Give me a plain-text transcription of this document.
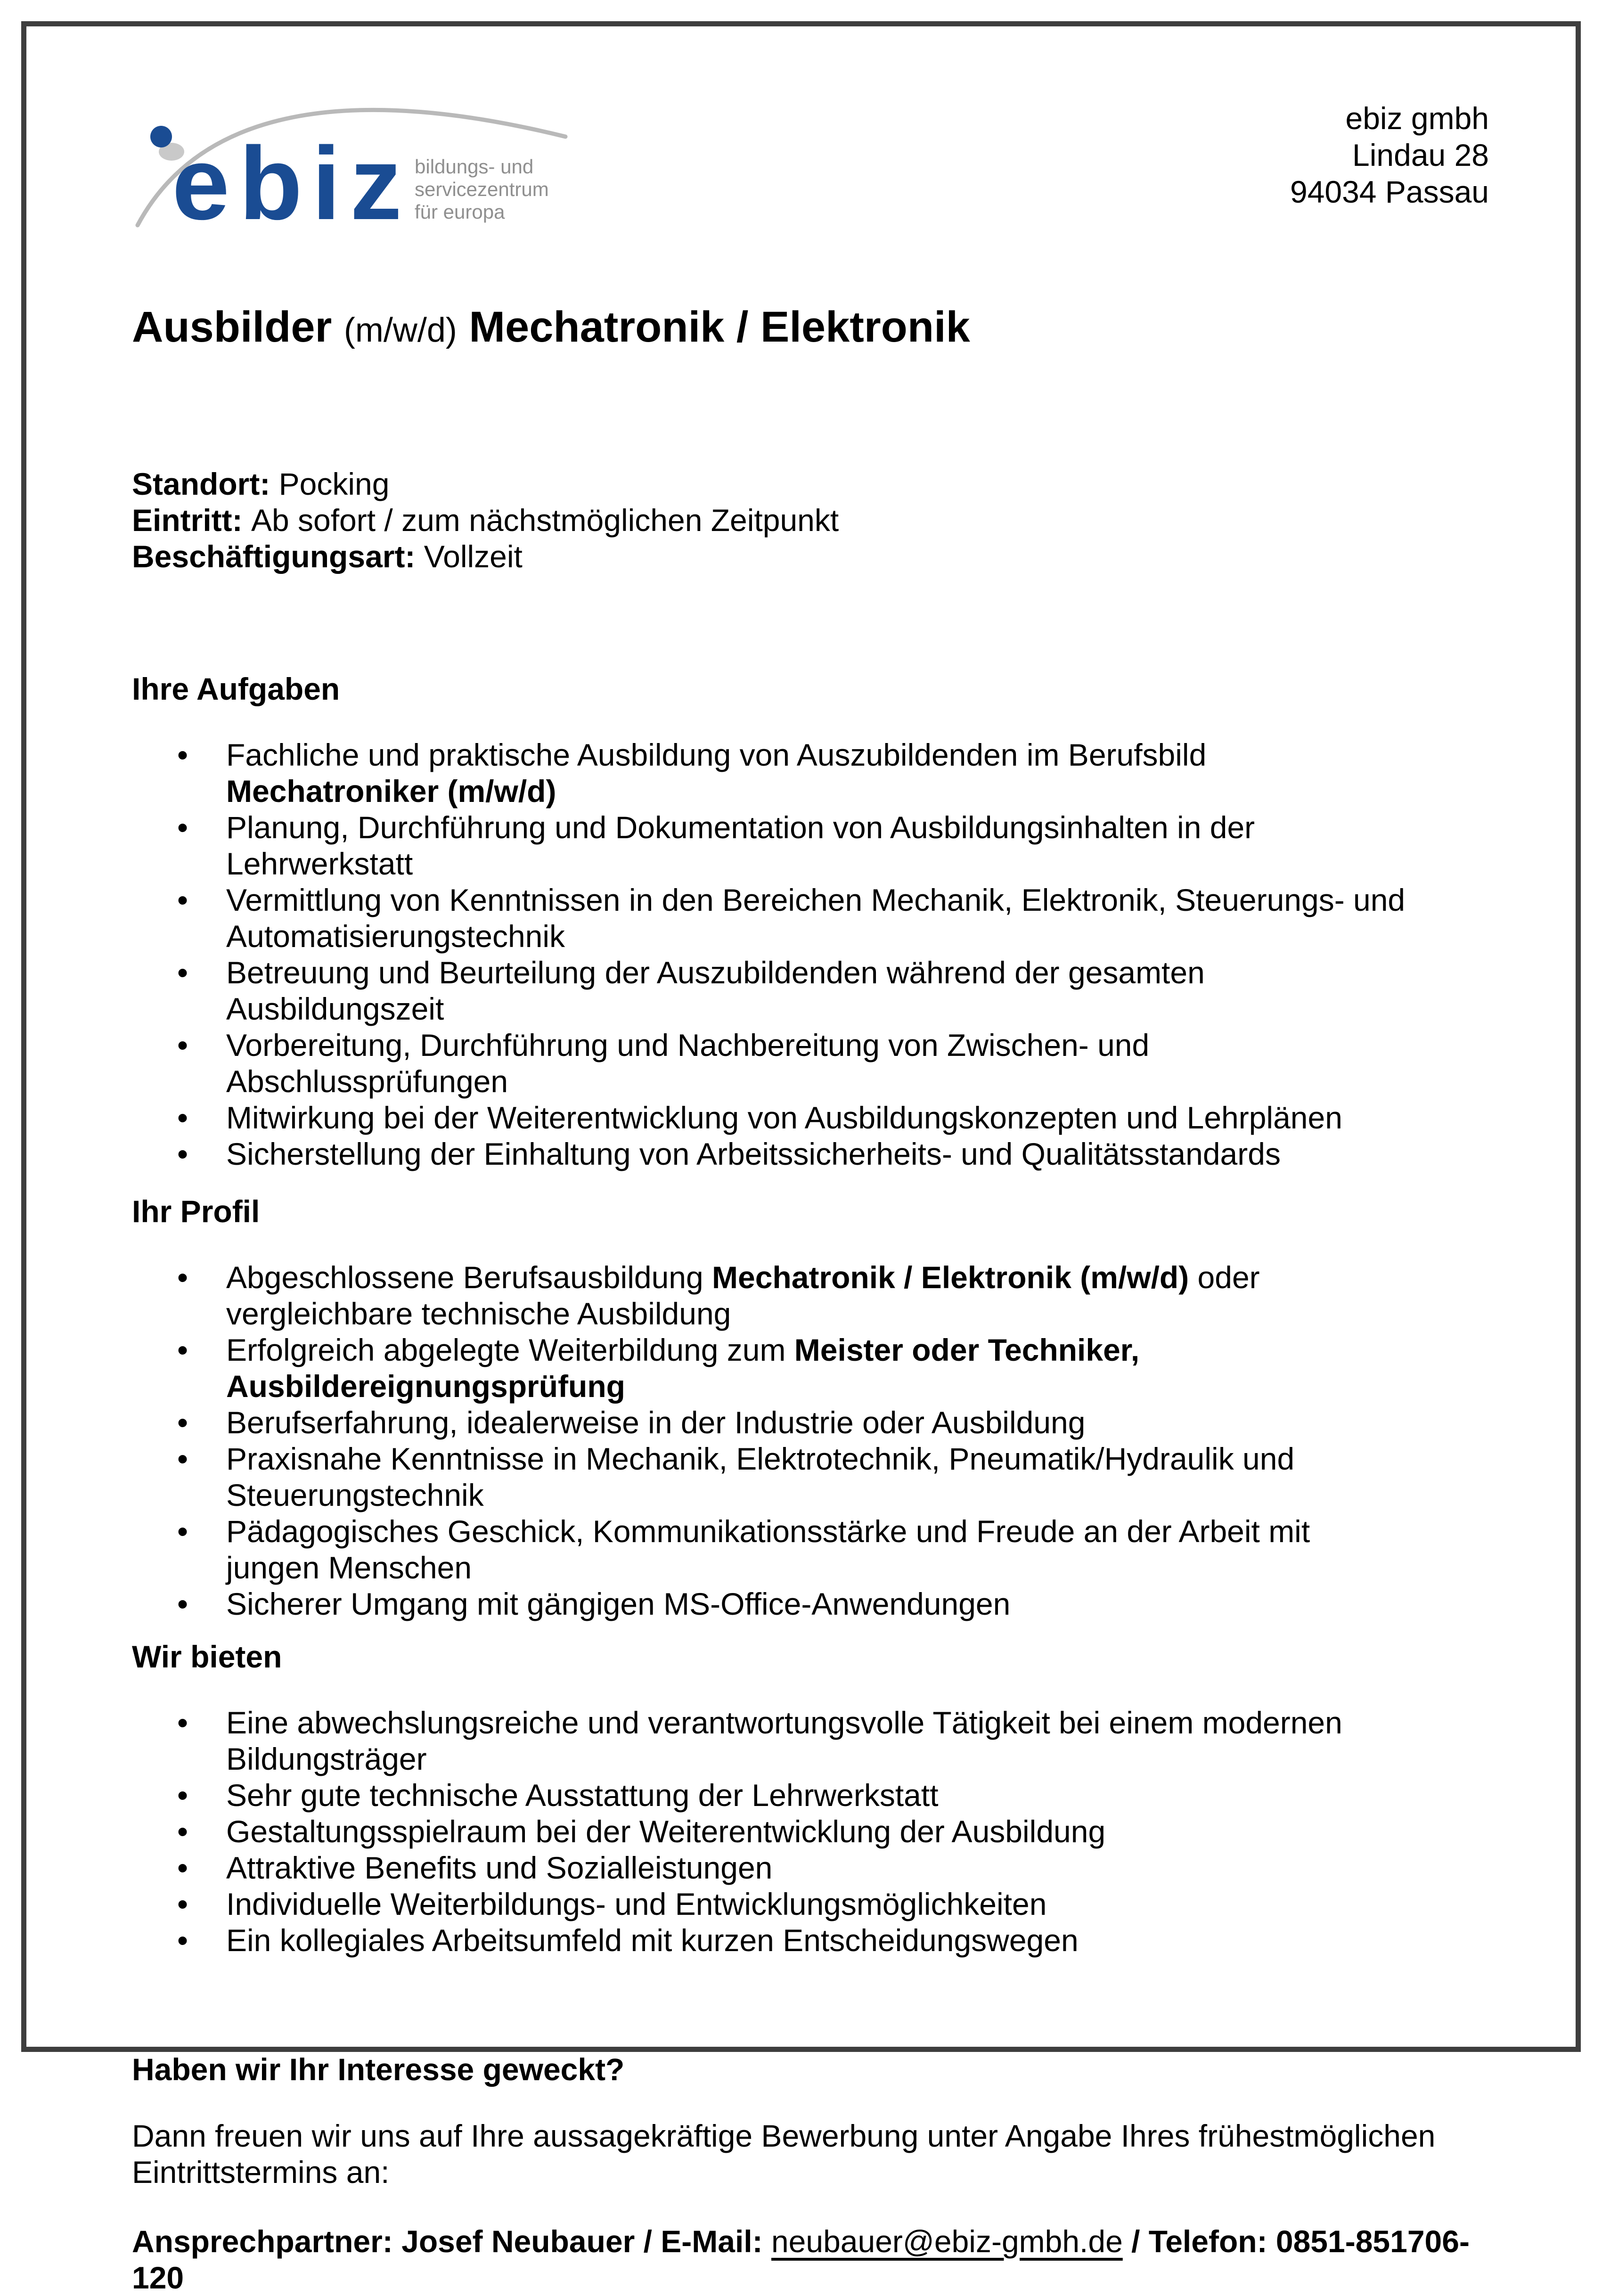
ebiz bildungs- und
servicezentrum
für europa
ebiz gmbh
Lindau 28
94034 Passau
Ausbilder (m/w/d) Mechatronik / Elektronik

Standort: Pocking

Eintritt: Ab sofort / zum nächstmöglichen Zeitpunkt

Beschäftigungsart: Vollzeit

Ihre Aufgaben
• Fachliche und praktische Ausbildung von Auszubildenden im Berufsbild Mechatroniker (m/w/d)
• Planung, Durchführung und Dokumentation von Ausbildungsinhalten in der Lehrwerkstatt
• Vermittlung von Kenntnissen in den Bereichen Mechanik, Elektronik, Steuerungs- und Automatisierungstechnik
• Betreuung und Beurteilung der Auszubildenden während der gesamten Ausbildungszeit
• Vorbereitung, Durchführung und Nachbereitung von Zwischen- und Abschlussprüfungen
• Mitwirkung bei der Weiterentwicklung von Ausbildungskonzepten und Lehrplänen
• Sicherstellung der Einhaltung von Arbeitssicherheits- und Qualitätsstandards
Ihr Profil
• Abgeschlossene Berufsausbildung Mechatronik / Elektronik (m/w/d) oder vergleichbare technische Ausbildung
• Erfolgreich abgelegte Weiterbildung zum Meister oder Techniker, Ausbildereignungsprüfung
• Berufserfahrung, idealerweise in der Industrie oder Ausbildung
• Praxisnahe Kenntnisse in Mechanik, Elektrotechnik, Pneumatik/Hydraulik und Steuerungstechnik
• Pädagogisches Geschick, Kommunikationsstärke und Freude an der Arbeit mit jungen Menschen
• Sicherer Umgang mit gängigen MS-Office-Anwendungen
Wir bieten
• Eine abwechslungsreiche und verantwortungsvolle Tätigkeit bei einem modernen Bildungsträger
• Sehr gute technische Ausstattung der Lehrwerkstatt
• Gestaltungsspielraum bei der Weiterentwicklung der Ausbildung
• Attraktive Benefits und Sozialleistungen
• Individuelle Weiterbildungs- und Entwicklungsmöglichkeiten
• Ein kollegiales Arbeitsumfeld mit kurzen Entscheidungswegen
Haben wir Ihr Interesse geweckt?

Dann freuen wir uns auf Ihre aussagekräftige Bewerbung unter Angabe Ihres frühestmöglichen Eintrittstermins an:

Ansprechpartner: Josef Neubauer / E-Mail: neubauer@ebiz-gmbh.de / Telefon: 0851-851706-120
